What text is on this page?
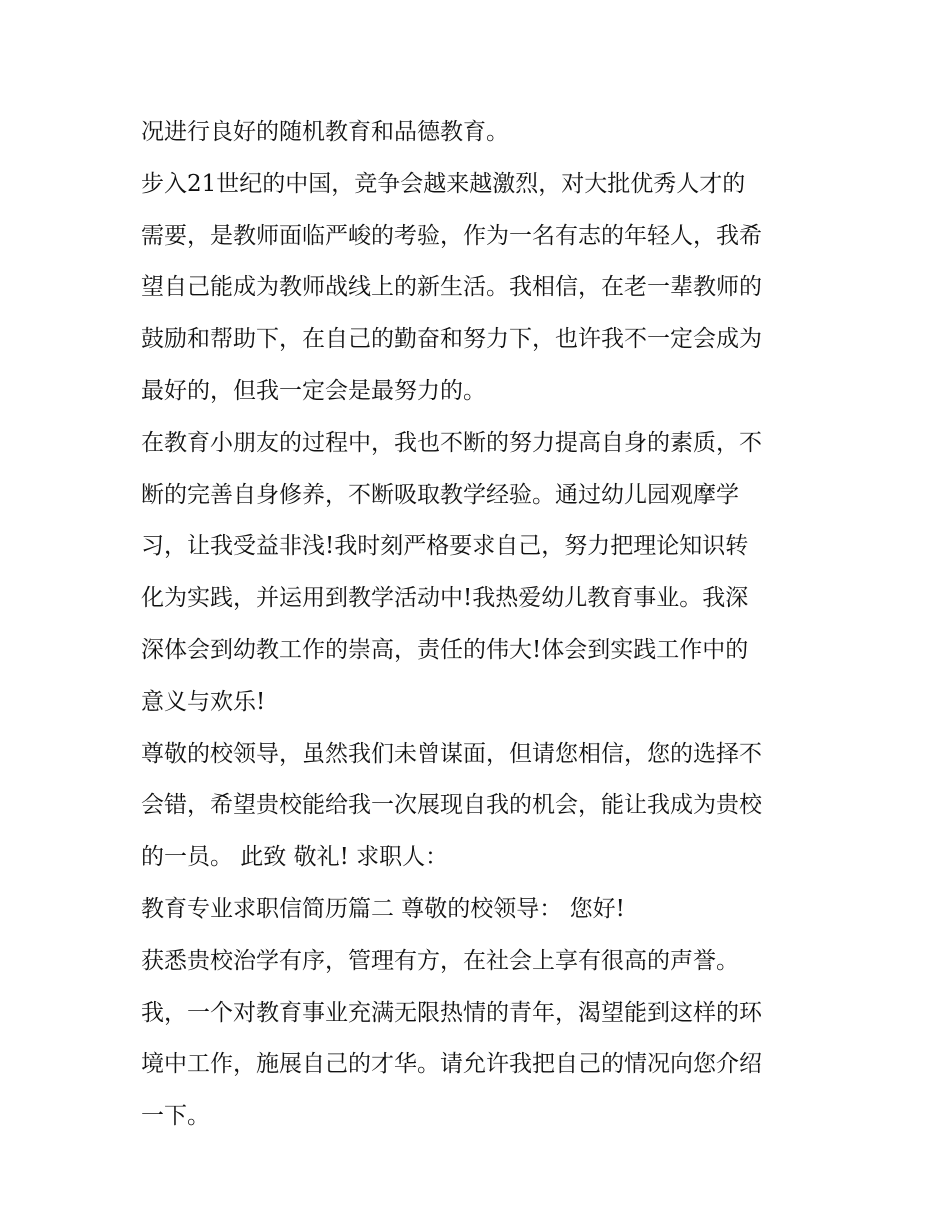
况进行良好的随机教育和品德教育。

步入21世纪的中国，竞争会越来越激烈，对大批优秀人才的

需要，是教师面临严峻的考验，作为一名有志的年轻人，我希

望自己能成为教师战线上的新生活。我相信，在老一辈教师的

鼓励和帮助下，在自己的勤奋和努力下，也许我不一定会成为

最好的，但我一定会是最努力的。

在教育小朋友的过程中，我也不断的努力提高自身的素质，不

断的完善自身修养，不断吸取教学经验。通过幼儿园观摩学

习，让我受益非浅!我时刻严格要求自己，努力把理论知识转

化为实践，并运用到教学活动中!我热爱幼儿教育事业。我深

深体会到幼教工作的崇高，责任的伟大!体会到实践工作中的

意义与欢乐!

尊敬的校领导，虽然我们未曾谋面，但请您相信，您的选择不

会错，希望贵校能给我一次展现自我的机会，能让我成为贵校

的一员。 此致 敬礼! 求职人：

教育专业求职信简历篇二 尊敬的校领导： 您好!

获悉贵校治学有序，管理有方，在社会上享有很高的声誉。

我，一个对教育事业充满无限热情的青年，渴望能到这样的环

境中工作，施展自己的才华。请允许我把自己的情况向您介绍

一下。
